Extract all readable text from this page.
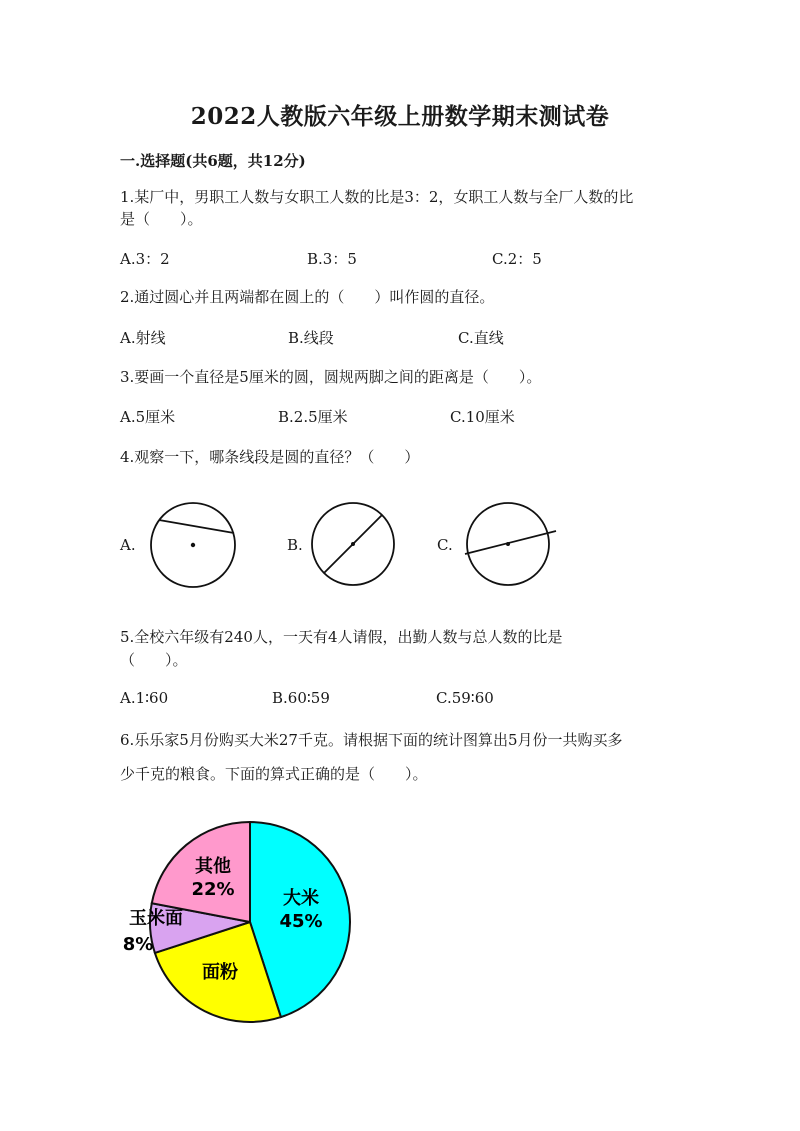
2022人教版六年级上册数学期末测试卷
一.选择题(共6题，共12分)
1.某厂中，男职工人数与女职工人数的比是3：2，女职工人数与全厂人数的比
是（　　）。
A.3：2	B.3：5	C.2：5
2.通过圆心并且两端都在圆上的（　　）叫作圆的直径。
A.射线	B.线段	C.直线
3.要画一个直径是5厘米的圆，圆规两脚之间的距离是（　　）。
A.5厘米	B.2.5厘米	C.10厘米
4.观察一下，哪条线段是圆的直径？（　　）
A.	B.	C.
5.全校六年级有240人，一天有4人请假，出勤人数与总人数的比是
（　　）。
A.1∶60	B.60∶59	C.59∶60
6.乐乐家5月份购买大米27千克。请根据下面的统计图算出5月份一共购买多
少千克的粮食。下面的算式正确的是（　　）。
大米
45%
面粉
玉米面
8%
其他
22%
